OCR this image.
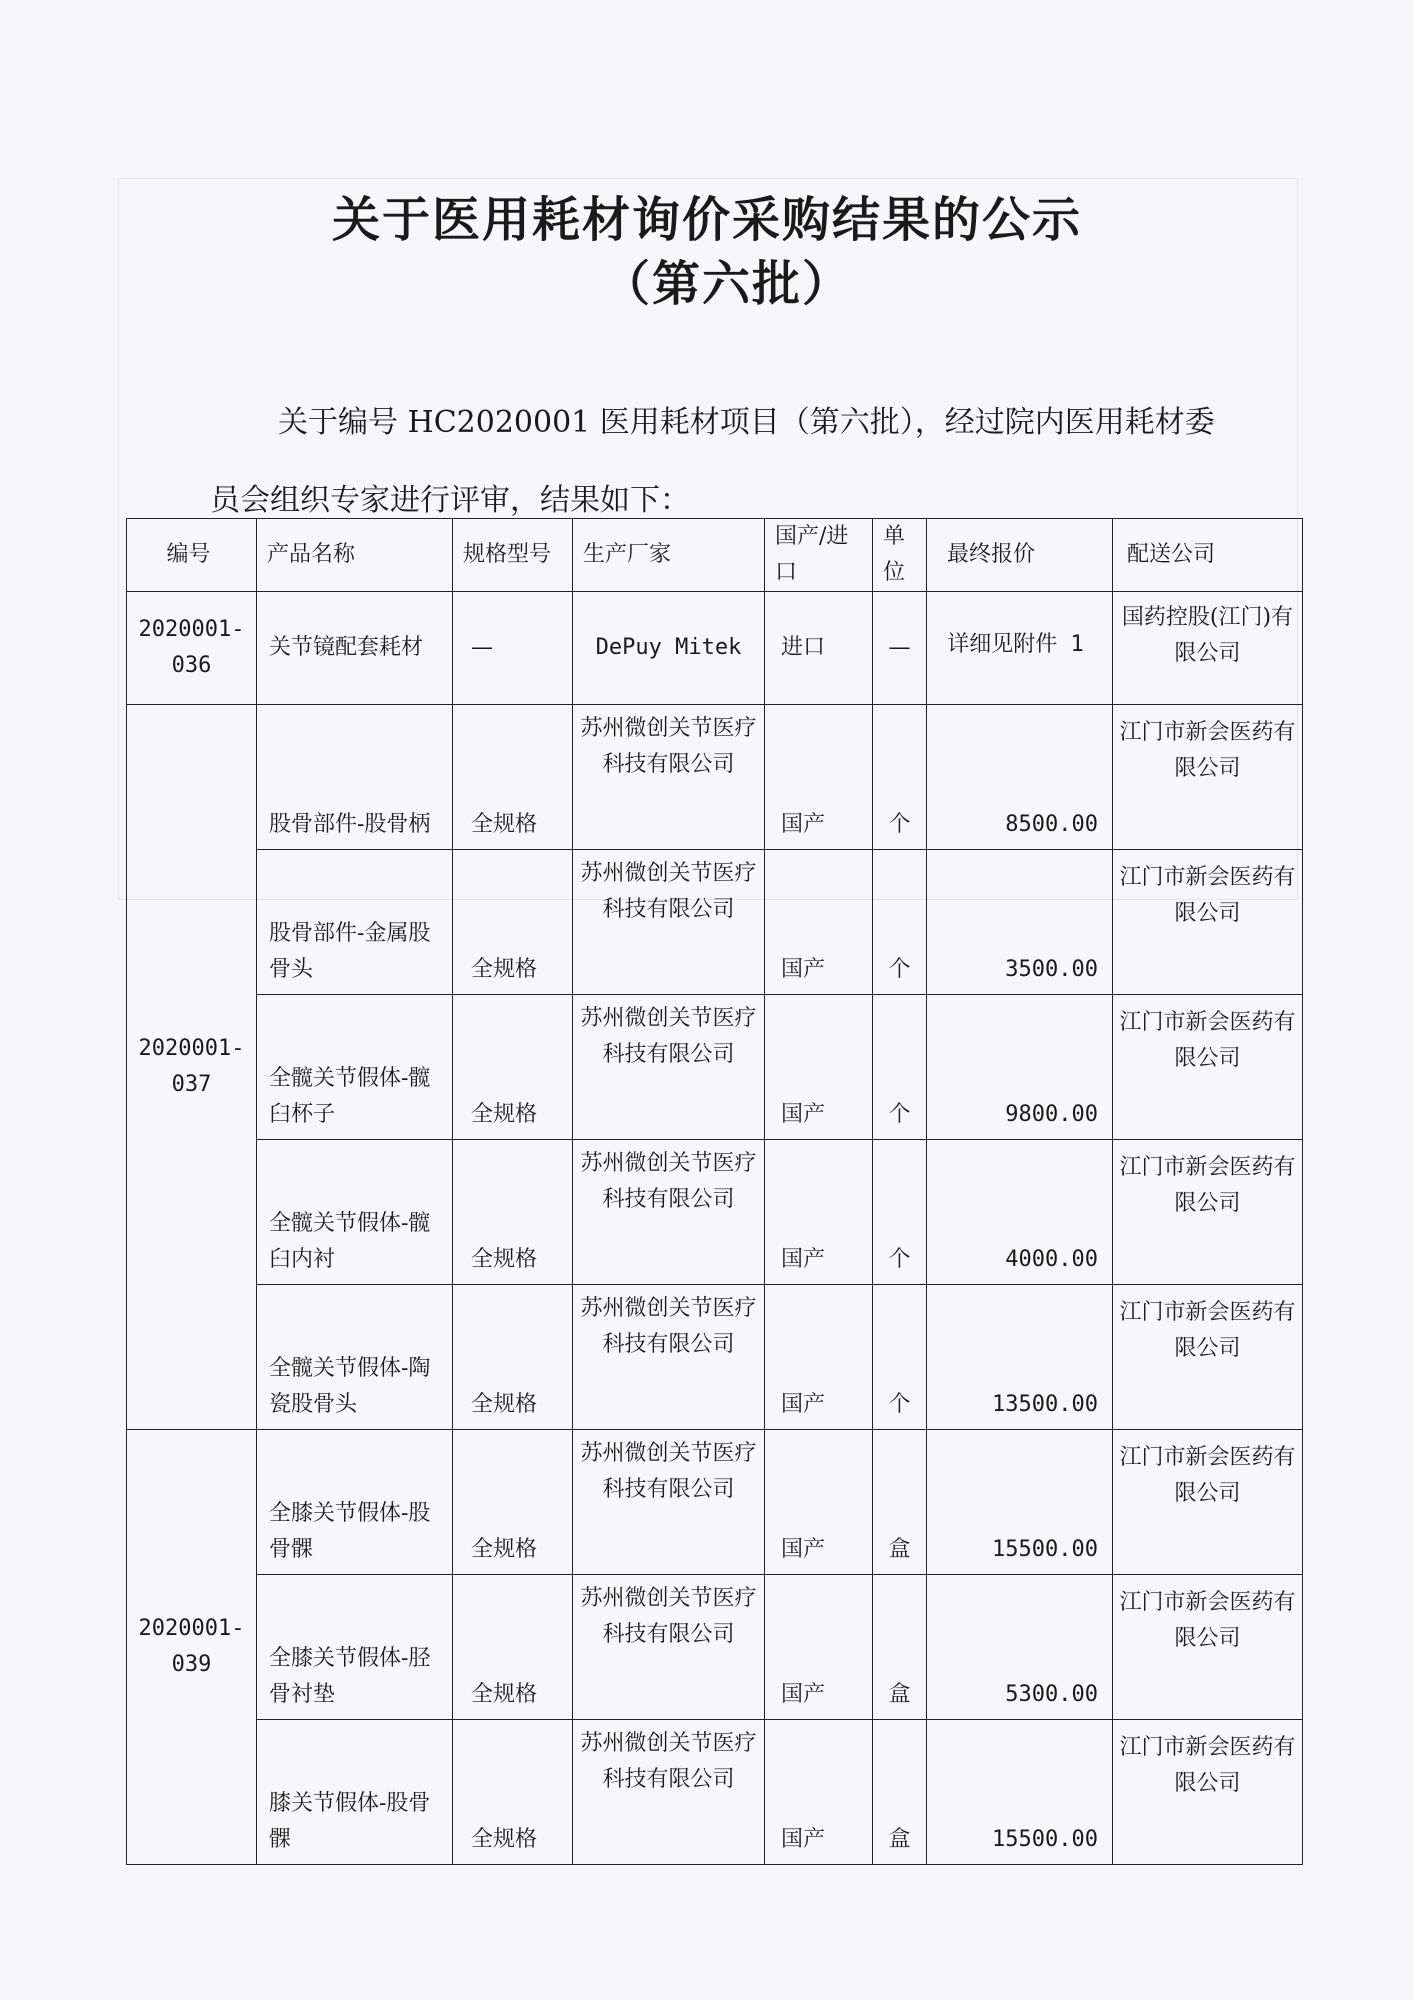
关于医用耗材询价采购结果的公示
（第六批）

关于编号 HC2020001 医用耗材项目（第六批），经过院内医用耗材委员会组织专家进行评审，结果如下：

编号	产品名称	规格型号	生产厂家	国产/进口	单位	最终报价	配送公司
2020001-036	关节镜配套耗材	—	DePuy Mitek	进口	—	详细见附件 1	国药控股(江门)有限公司
2020001-037	股骨部件-股骨柄	全规格	苏州微创关节医疗科技有限公司	国产	个	8500.00	江门市新会医药有限公司
	股骨部件-金属股骨头	全规格	苏州微创关节医疗科技有限公司	国产	个	3500.00	江门市新会医药有限公司
	全髋关节假体-髋臼杯子	全规格	苏州微创关节医疗科技有限公司	国产	个	9800.00	江门市新会医药有限公司
	全髋关节假体-髋臼内衬	全规格	苏州微创关节医疗科技有限公司	国产	个	4000.00	江门市新会医药有限公司
	全髋关节假体-陶瓷股骨头	全规格	苏州微创关节医疗科技有限公司	国产	个	13500.00	江门市新会医药有限公司
2020001-039	全膝关节假体-股骨髁	全规格	苏州微创关节医疗科技有限公司	国产	盒	15500.00	江门市新会医药有限公司
	全膝关节假体-胫骨衬垫	全规格	苏州微创关节医疗科技有限公司	国产	盒	5300.00	江门市新会医药有限公司
	膝关节假体-股骨髁	全规格	苏州微创关节医疗科技有限公司	国产	盒	15500.00	江门市新会医药有限公司
